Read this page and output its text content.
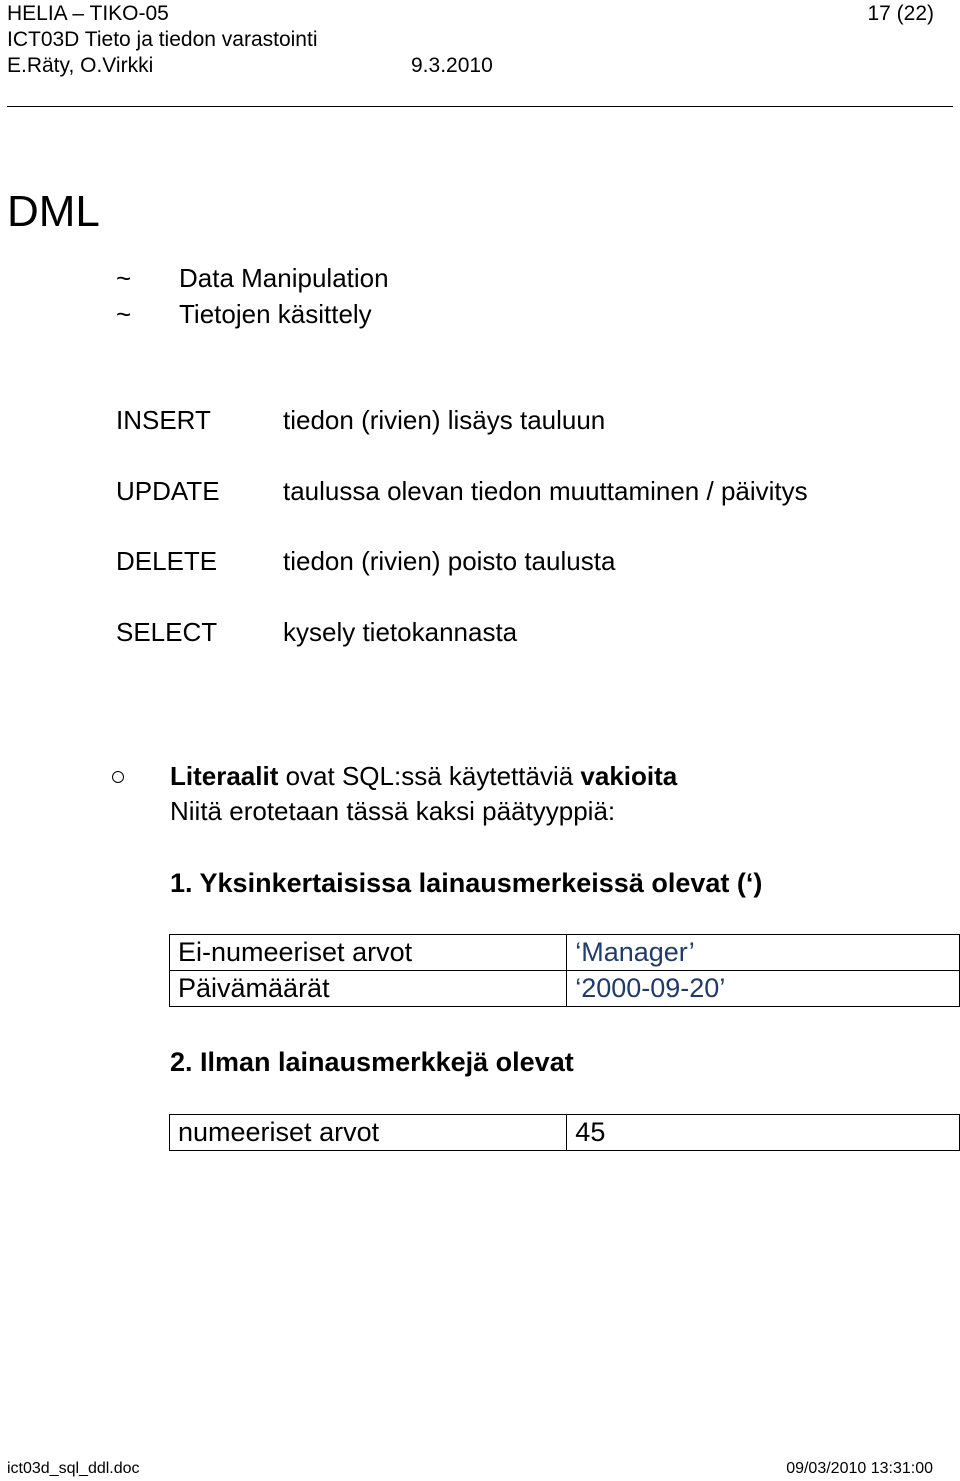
HELIA – TIKO-05	17 (22)
ICT03D Tieto ja tiedon varastointi
E.Räty, O.Virkki	9.3.2010
DML
~ Data Manipulation
~ Tietojen käsittely
INSERT	tiedon (rivien) lisäys tauluun
UPDATE taulussa olevan tiedon muuttaminen / päivitys
DELETE	tiedon (rivien) poisto taulusta
SELECT	kysely tietokannasta
Literaalit ovat SQL:ssä käytettäviä vakioita
Niitä erotetaan tässä kaksi päätyyppiä:
1. Yksinkertaisissa lainausmerkeissä olevat (‘)
Ei-numeeriset arvot	‘Manager’
Päivämäärät	‘2000-09-20’
2. Ilman lainausmerkkejä olevat
numeeriset arvot	45
ict03d_sql_ddl.doc	09/03/2010 13:31:00
